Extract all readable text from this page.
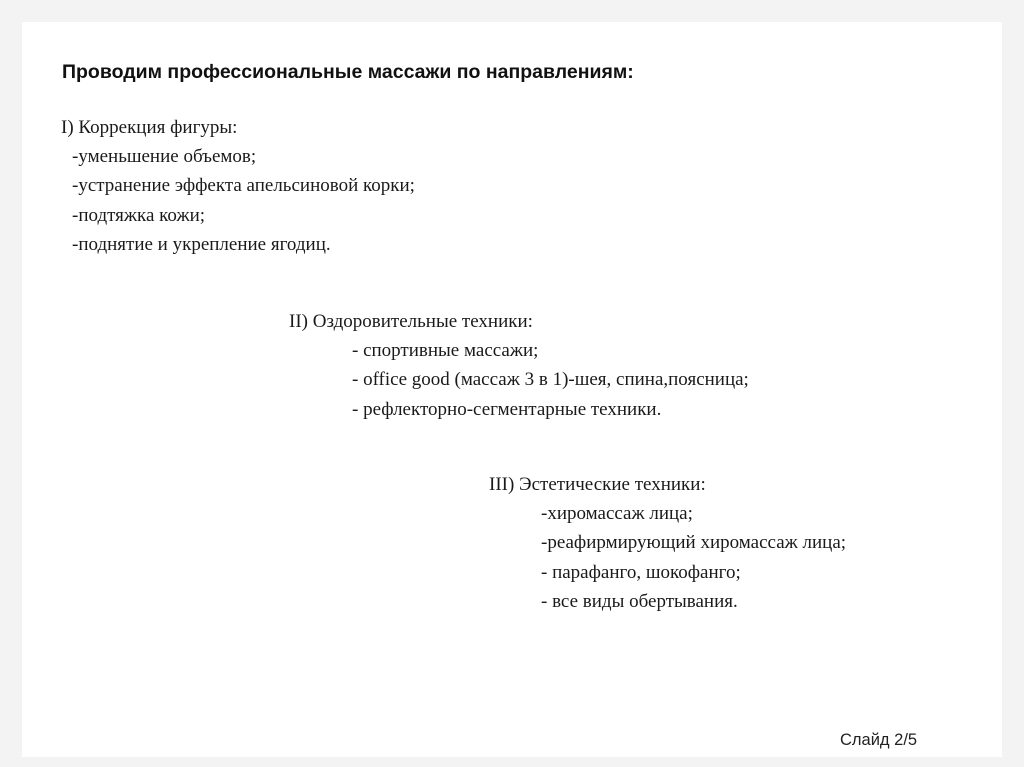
Проводим профессиональные массажи по направлениям:
I) Коррекция фигуры:
-уменьшение объемов;
-устранение эффекта апельсиновой корки;
-подтяжка кожи;
-поднятие и укрепление ягодиц.
II) Оздоровительные техники:
- спортивные массажи;
- office good (массаж 3 в 1)-шея, спина,поясница;
- рефлекторно-сегментарные техники.
III) Эстетические техники:
-хиромассаж лица;
-реафирмирующий хиромассаж лица;
- парафанго, шокофанго;
- все виды обертывания.
Слайд 2/5
